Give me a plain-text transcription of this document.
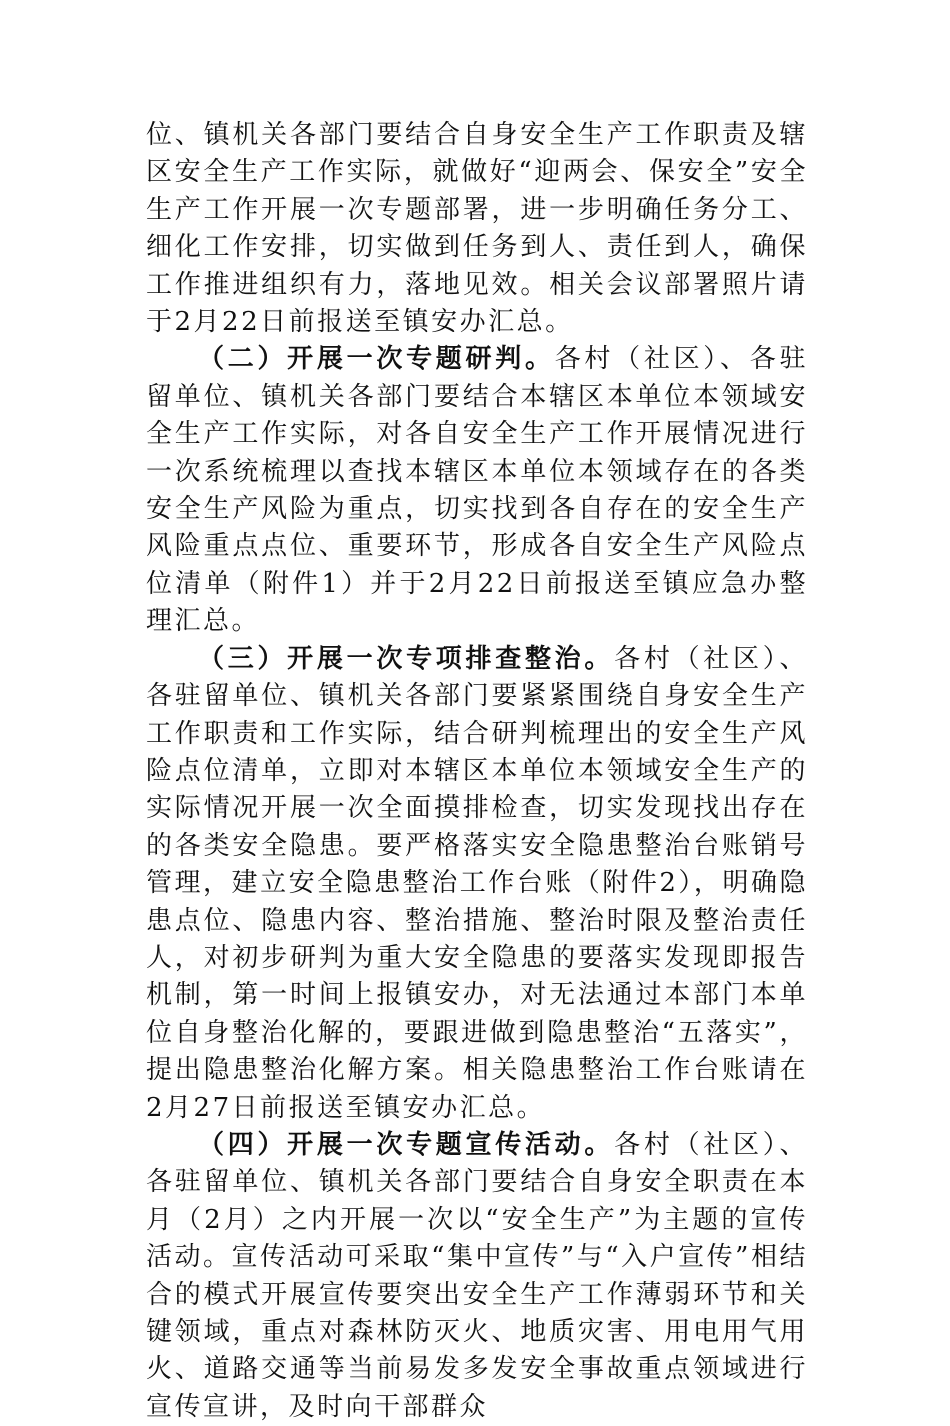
位、镇机关各部门要结合自身安全生产工作职责及辖区安全生产工作实际，就做好“迎两会、保安全”安全生产工作开展一次专题部署，进一步明确任务分工、细化工作安排，切实做到任务到人、责任到人，确保工作推进组织有力，落地见效。相关会议部署照片请于2月22日前报送至镇安办汇总。

（二）开展一次专题研判。各村（社区）、各驻留单位、镇机关各部门要结合本辖区本单位本领域安全生产工作实际，对各自安全生产工作开展情况进行一次系统梳理以查找本辖区本单位本领域存在的各类安全生产风险为重点，切实找到各自存在的安全生产风险重点点位、重要环节，形成各自安全生产风险点位清单（附件1）并于2月22日前报送至镇应急办整理汇总。

（三）开展一次专项排查整治。各村（社区）、各驻留单位、镇机关各部门要紧紧围绕自身安全生产工作职责和工作实际，结合研判梳理出的安全生产风险点位清单，立即对本辖区本单位本领域安全生产的实际情况开展一次全面摸排检查，切实发现找出存在的各类安全隐患。要严格落实安全隐患整治台账销号管理，建立安全隐患整治工作台账（附件2），明确隐患点位、隐患内容、整治措施、整治时限及整治责任人，对初步研判为重大安全隐患的要落实发现即报告机制，第一时间上报镇安办，对无法通过本部门本单位自身整治化解的，要跟进做到隐患整治“五落实”，提出隐患整治化解方案。相关隐患整治工作台账请在2月27日前报送至镇安办汇总。

（四）开展一次专题宣传活动。各村（社区）、各驻留单位、镇机关各部门要结合自身安全职责在本月（2月）之内开展一次以“安全生产”为主题的宣传活动。宣传活动可采取“集中宣传”与“入户宣传”相结合的模式开展宣传要突出安全生产工作薄弱环节和关键领域，重点对森林防灭火、地质灾害、用电用气用火、道路交通等当前易发多发安全事故重点领域进行宣传宣讲，及时向干部群众
